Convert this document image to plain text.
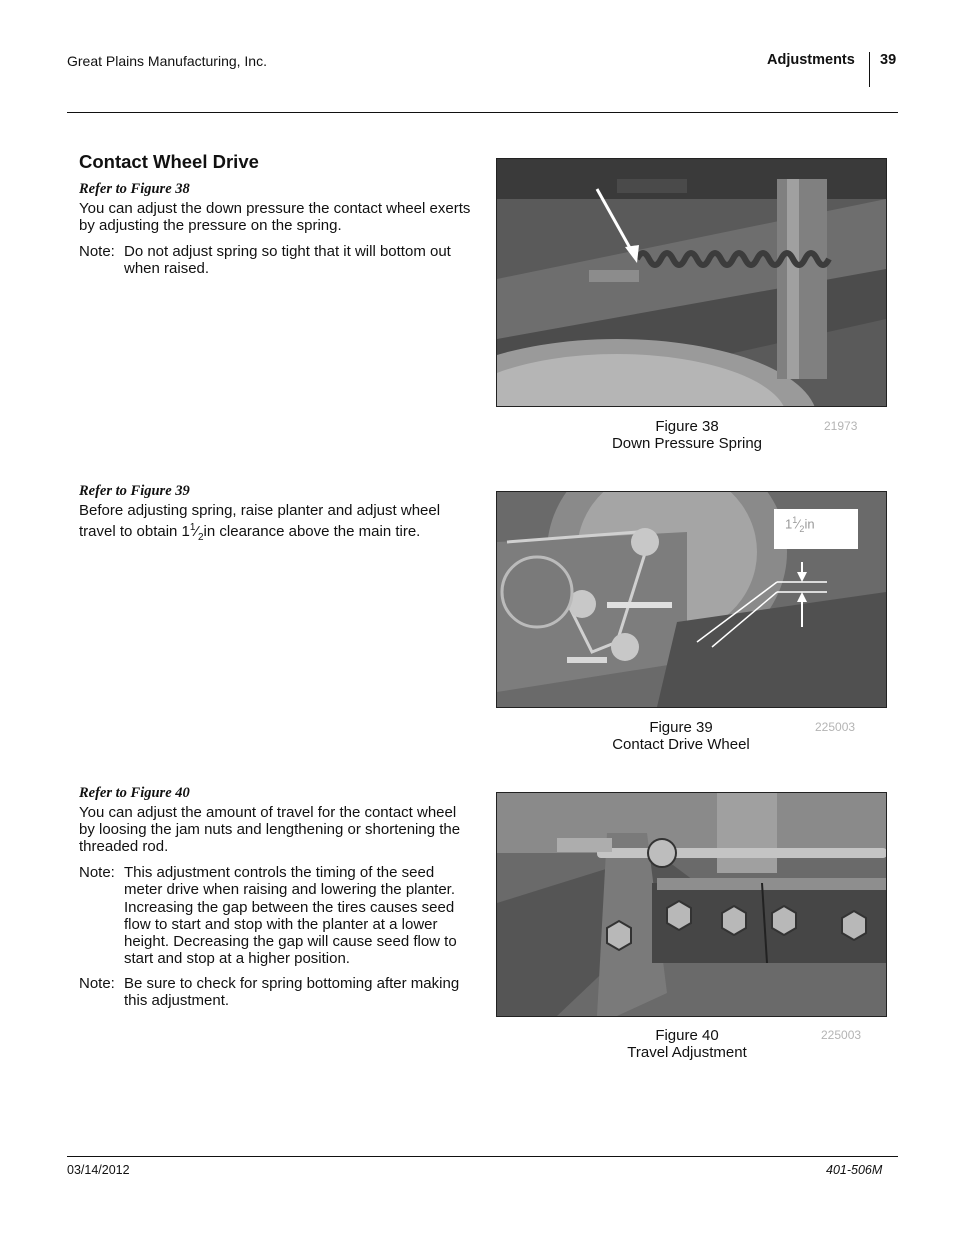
Great Plains Manufacturing, Inc.	Adjustments 39
Contact Wheel Drive
Refer to Figure 38
You can adjust the down pressure the contact wheel exerts by adjusting the pressure on the spring.
Note: Do not adjust spring so tight that it will bottom out when raised.
Refer to Figure 39
Before adjusting spring, raise planter and adjust wheel travel to obtain $1^1⁄_2in$ clearance above the main tire.
Refer to Figure 40
You can adjust the amount of travel for the contact wheel by loosing the jam nuts and lengthening or shortening the threaded rod.
Note: This adjustment controls the timing of the seed meter drive when raising and lowering the planter. Increasing the gap between the tires causes seed flow to start and stop with the planter at a lower height. Decreasing the gap will cause seed flow to start and stop at a higher position.
Note: Be sure to check for spring bottoming after making this adjustment.
Figure 38
Down Pressure Spring
21973
$1^1⁄_2in$
Figure 39
Contact Drive Wheel
225003
Figure 40
Travel Adjustment
225003
03/14/2012	401-506M
